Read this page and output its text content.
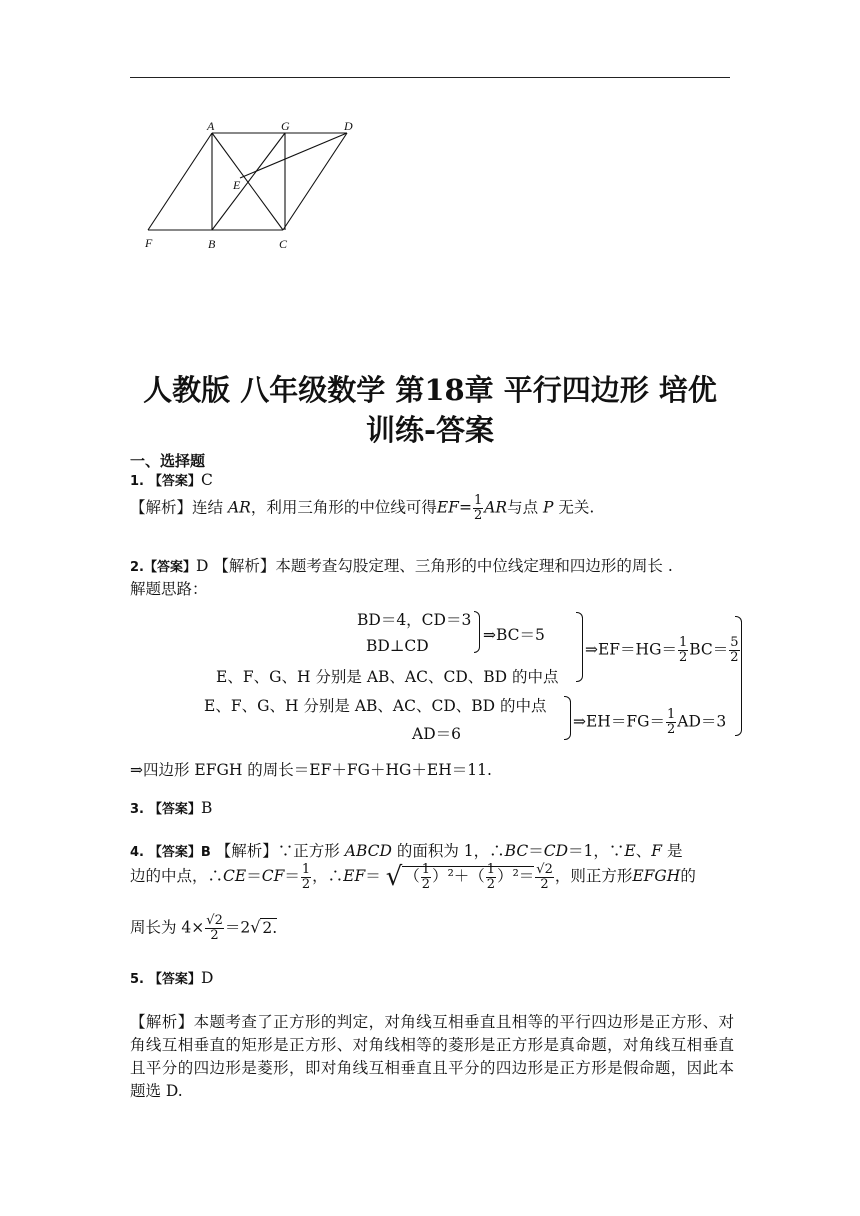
A	G	D
E
F	B	C
人教版 八年级数学 第18章 平行四边形 培优
训练-答案
一、选择题
1. 【答案】C
【解析】连结 AR，利用三角形的中位线可得$EF= \frac{1}{2}$ AR与点 P 无关.
2.【答案】D 【解析】本题考查勾股定理、三角形的中位线定理和四边形的周长 .
解题思路：
BD＝4，CD＝3
BD⊥CD
⇒BC＝5
E、F、G、H 分别是 AB、AC、CD、BD 的中点
⇒EF＝HG＝ $\frac{1}{2} BC= \frac{5}{2}$
E、F、G、H 分别是 AB、AC、CD、BD 的中点
AD＝6
⇒EH＝FG＝ $\frac{1}{2} AD=3$
⇒四边形 EFGH 的周长＝EF＋FG＋HG＋EH＝11.
3. 【答案】B
4. 【答案】B 【解析】∵正方形 ABCD 的面积为 1，∴BC＝CD＝1，∵E、F 是
边的中点，∴CE＝CF＝ $\frac{1}{2}$ ，∴EF＝ √ （ $\frac{1}{2} )^2+( \frac{1}{2} )^2= \frac{√2}{2}$ ，则正方形EFGH的
周长为 $4\times \frac{√2}{2} =2√$ 2.
5. 【答案】D
【解析】本题考查了正方形的判定，对角线互相垂直且相等的平行四边形是正方形、对角线互相垂直的矩形是正方形、对角线相等的菱形是正方形是真命题，对角线互相垂直且平分的四边形是菱形，即对角线互相垂直且平分的四边形是正方形是假命题，因此本题选 D.
